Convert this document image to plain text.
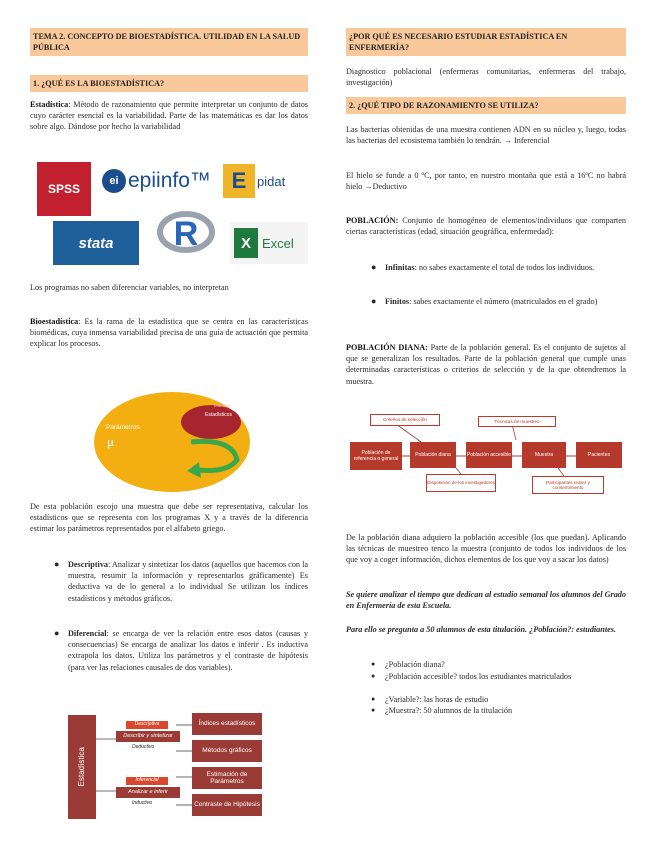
TEMA 2. CONCEPTO DE BIOESTADÍSTICA. UTILIDAD EN LA SALUD PÚBLICA
1. ¿QUÉ ES LA BIOESTADÍSTICA?
Estadística: Método de razonamiento que permite interpretar un conjunto de datos cuyo carácter esencial es la variabilidad. Parte de las matemáticas es dar los datos sobre algo. Dándose por hecho la variabilidad
SPSS
ei epiinfo™ E pidat
stata R	X Excel
Los programas no saben diferenciar variables, no interpretan
Bioestadística: Es la rama de la estadística que se centra en las características biomédicas, cuya inmensa variabilidad precisa de una guía de actuación que permita explicar los procesos.
Parámetros
μ
Muestra
Estadísticos
De esta población escojo una muestra que debe ser representativa, calcular los estadísticos que se representa con los programas X y a través de la diferencia estimar los parámetros representados por el alfabeto griego.
● Descriptiva: Analizar y sintetizar los datos (aquellos que hacemos con la muestra, resumir la información y representarlos gráficamente) Es deductiva va de lo general a lo individual Se utilizan los índices estadísticos y métodos gráficos.
● Diferencial: se encarga de ver la relación entre esos datos (causas y consecuencias) Se encarga de analizar los datos e inferir . Es inductiva extrapola los datos. Utiliza los parámetros y el contraste de hipótesis (para ver las relaciones causales de dos variables).
Estadística
Descriptiva
Describir y sintetizar
Deductivo
Inferencial
Analizar e inferir
Inductivo
Índices estadísticos
Métodos gráficos
Estimación de Parámetros
Contraste de Hipótesis
¿POR QUÉ ES NECESARIO ESTUDIAR ESTADÍSTICA EN ENFERMERÍA?
Diagnostico poblacional (enfermeras comunitarias, enfermeras del trabajo, investigación)
2. ¿QUÉ TIPO DE RAZONAMIENTO SE UTILIZA?
Las bacterias obtenidas de una muestra contienen ADN en su núcleo y, luego, todas las bacterias del ecosistema también lo tendrán. → Inferencial
El hielo se funde a 0 ºC, por tanto, en nuestro montaña que está a 16ºC no habrá hielo →Deductivo
POBLACIÓN: Conjunto de homogéneo de elementos/individuos que comparten ciertas características (edad, situación geográfica, enfermedad):
● Infinitas: no sabes exactamente el total de todos los individuos.
● Finitos: sabes exactamente el número (matriculados en el grado)
POBLACIÓN DIANA: Parte de la población general. Es el conjunto de sujetos al que se generalizan los resultados. Parte de la población general que cumple unas determinadas características o criterios de selección y de la que obtendremos la muestra.
Criterios de selección	Técnicas de muestreo
Población de referencia o general
Población diana	Población accesible	Muestra	Pacientes
Disposición de los investigadores	Participantes reales y consentimiento
De la población diana adquiero la población accesible (los que puedan). Aplicando las técnicas de muestreo tenco la muestra (conjunto de todos los individuos de los que voy a coger información, dichos elementos de los que voy a sacar los datos)
Se quiere analizar el tiempo que dedican al estudio semanal los alumnos del Grado en Enfermería de esta Escuela.
Para ello se pregunta a 50 alumnos de esta titulación. ¿Población?: estudiantes.
● ¿Población diana?
● ¿Población accesible? todos los estudiantes matriculados
● ¿Variable?: las horas de estudio
● ¿Muestra?: 50 alumnos de la titulación
